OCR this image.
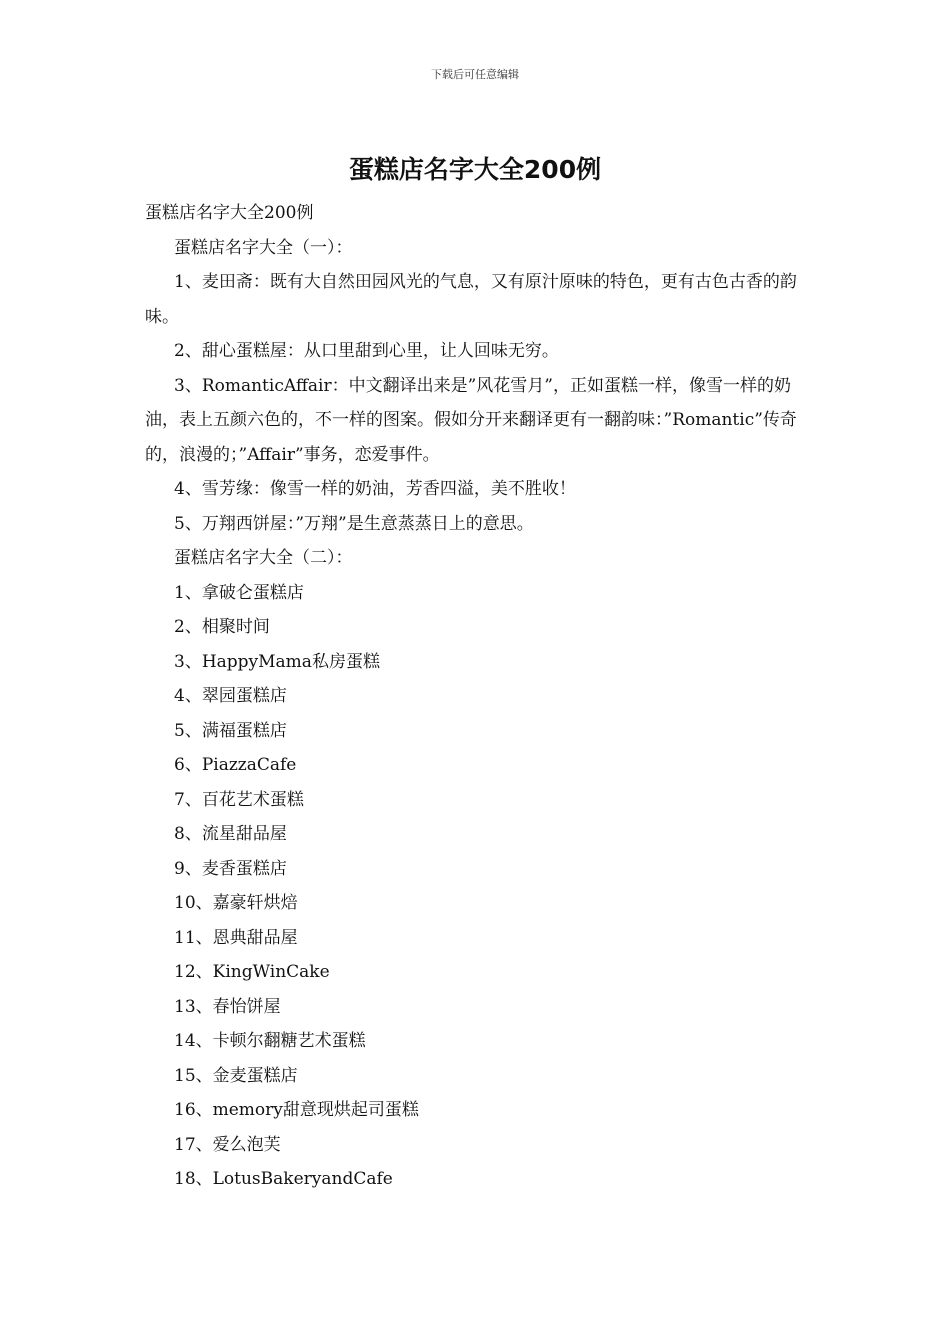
下载后可任意编辑
蛋糕店名字大全200例

蛋糕店名字大全200例

蛋糕店名字大全（一）：

1、麦田斋：既有大自然田园风光的气息，又有原汁原味的特色，更有古色古香的韵味。

2、甜心蛋糕屋：从口里甜到心里，让人回味无穷。

3、RomanticAffair：中文翻译出来是”风花雪月”，正如蛋糕一样，像雪一样的奶油，表上五颜六色的，不一样的图案。假如分开来翻译更有一翻韵味：”Romantic”传奇的，浪漫的；”Affair”事务，恋爱事件。

4、雪芳缘：像雪一样的奶油，芳香四溢，美不胜收！

5、万翔西饼屋：”万翔”是生意蒸蒸日上的意思。

蛋糕店名字大全（二）：

1、拿破仑蛋糕店

2、相聚时间

3、HappyMama私房蛋糕

4、翠园蛋糕店

5、满福蛋糕店

6、PiazzaCafe

7、百花艺术蛋糕

8、流星甜品屋

9、麦香蛋糕店

10、嘉豪轩烘焙

11、恩典甜品屋

12、KingWinCake

13、春怡饼屋

14、卡顿尔翻糖艺术蛋糕

15、金麦蛋糕店

16、memory甜意现烘起司蛋糕

17、爱么泡芙

18、LotusBakeryandCafe
